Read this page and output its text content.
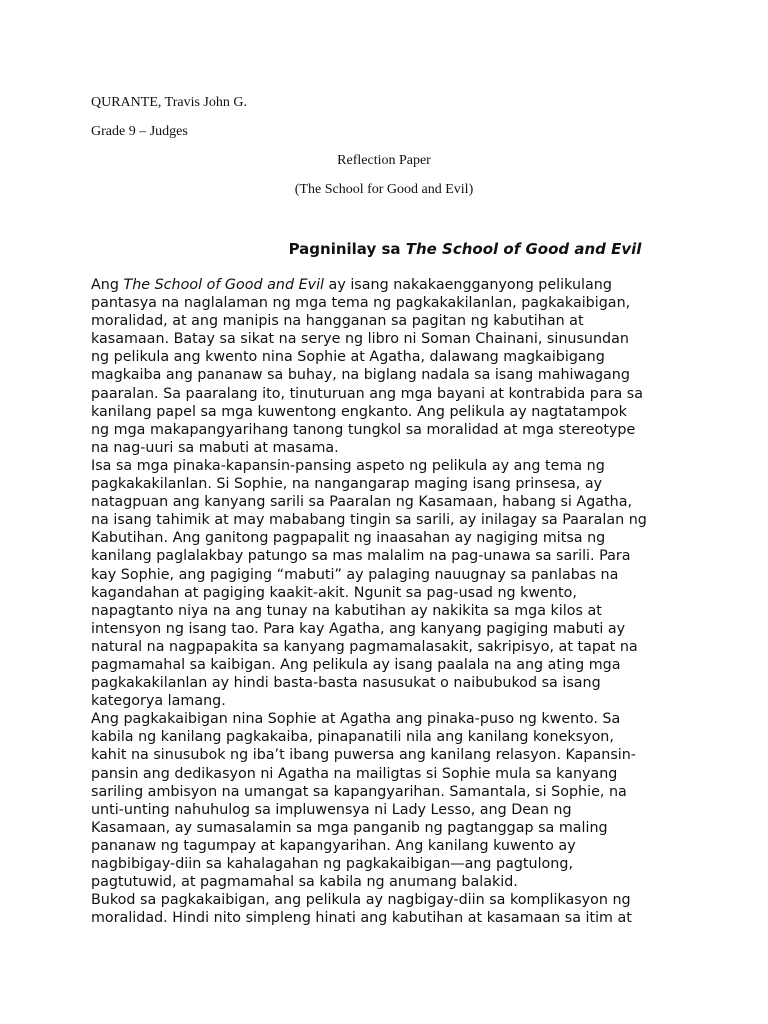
QURANTE, Travis John G.

Grade 9 – Judges

Reflection Paper

(The School for Good and Evil)

Pagninilay sa The School of Good and Evil
Ang The School of Good and Evil ay isang nakakaengganyong pelikulang
pantasya na naglalaman ng mga tema ng pagkakakilanlan, pagkakaibigan,
moralidad, at ang manipis na hangganan sa pagitan ng kabutihan at
kasamaan. Batay sa sikat na serye ng libro ni Soman Chainani, sinusundan
ng pelikula ang kwento nina Sophie at Agatha, dalawang magkaibigang
magkaiba ang pananaw sa buhay, na biglang nadala sa isang mahiwagang
paaralan. Sa paaralang ito, tinuturuan ang mga bayani at kontrabida para sa
kanilang papel sa mga kuwentong engkanto. Ang pelikula ay nagtatampok
ng mga makapangyarihang tanong tungkol sa moralidad at mga stereotype
na nag-uuri sa mabuti at masama.
Isa sa mga pinaka-kapansin-pansing aspeto ng pelikula ay ang tema ng
pagkakakilanlan. Si Sophie, na nangangarap maging isang prinsesa, ay
natagpuan ang kanyang sarili sa Paaralan ng Kasamaan, habang si Agatha,
na isang tahimik at may mababang tingin sa sarili, ay inilagay sa Paaralan ng
Kabutihan. Ang ganitong pagpapalit ng inaasahan ay nagiging mitsa ng
kanilang paglalakbay patungo sa mas malalim na pag-unawa sa sarili. Para
kay Sophie, ang pagiging “mabuti” ay palaging nauugnay sa panlabas na
kagandahan at pagiging kaakit-akit. Ngunit sa pag-usad ng kwento,
napagtanto niya na ang tunay na kabutihan ay nakikita sa mga kilos at
intensyon ng isang tao. Para kay Agatha, ang kanyang pagiging mabuti ay
natural na nagpapakita sa kanyang pagmamalasakit, sakripisyo, at tapat na
pagmamahal sa kaibigan. Ang pelikula ay isang paalala na ang ating mga
pagkakakilanlan ay hindi basta-basta nasusukat o naibubukod sa isang
kategorya lamang.
Ang pagkakaibigan nina Sophie at Agatha ang pinaka-puso ng kwento. Sa
kabila ng kanilang pagkakaiba, pinapanatili nila ang kanilang koneksyon,
kahit na sinusubok ng iba’t ibang puwersa ang kanilang relasyon. Kapansin-
pansin ang dedikasyon ni Agatha na mailigtas si Sophie mula sa kanyang
sariling ambisyon na umangat sa kapangyarihan. Samantala, si Sophie, na
unti-unting nahuhulog sa impluwensya ni Lady Lesso, ang Dean ng
Kasamaan, ay sumasalamin sa mga panganib ng pagtanggap sa maling
pananaw ng tagumpay at kapangyarihan. Ang kanilang kuwento ay
nagbibigay-diin sa kahalagahan ng pagkakaibigan—ang pagtulong,
pagtutuwid, at pagmamahal sa kabila ng anumang balakid.
Bukod sa pagkakaibigan, ang pelikula ay nagbigay-diin sa komplikasyon ng
moralidad. Hindi nito simpleng hinati ang kabutihan at kasamaan sa itim at
